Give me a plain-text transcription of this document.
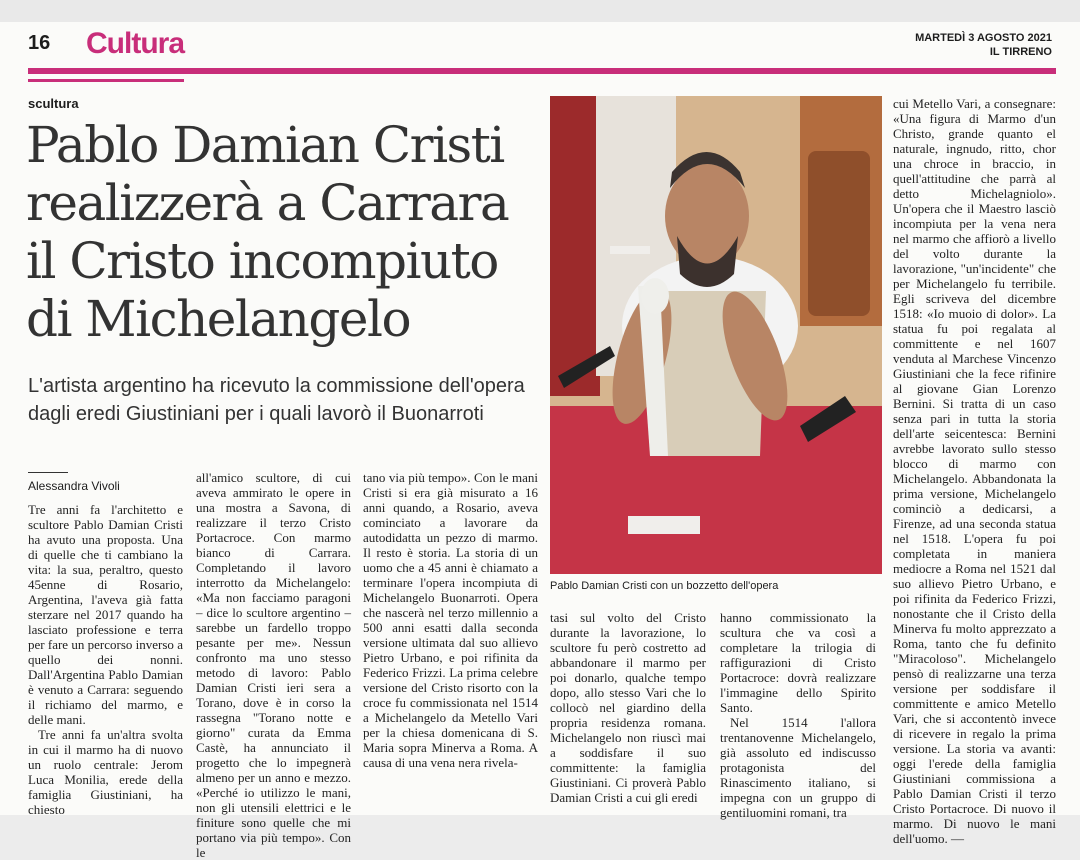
16 Cultura	MARTEDÌ 3 AGOSTO 2021
IL TIRRENO
scultura
Pablo Damian Cristi realizzerà a Carrara il Cristo incompiuto di Michelangelo

L'artista argentino ha ricevuto la commissione dell'opera dagli eredi Giustiniani per i quali lavorò il Buonarroti

Alessandra Vivoli

Tre anni fa l'architetto e scultore Pablo Damian Cristi ha avuto una proposta. Una di quelle che ti cambiano la vita: la sua, peraltro, questo 45enne di Rosario, Argentina, l'aveva già fatta sterzare nel 2017 quando ha lasciato professione e terra per fare un percorso inverso a quello dei nonni. Dall'Argentina Pablo Damian è venuto a Carrara: seguendo il richiamo del marmo, e delle mani.

Tre anni fa un'altra svolta in cui il marmo ha di nuovo un ruolo centrale: Jerom Luca Monilia, erede della famiglia Giustiniani, ha chiesto

all'amico scultore, di cui aveva ammirato le opere in una mostra a Savona, di realizzare il terzo Cristo Portacroce. Con marmo bianco di Carrara. Completando il lavoro interrotto da Michelangelo: «Ma non facciamo paragoni – dice lo scultore argentino – sarebbe un fardello troppo pesante per me». Nessun confronto ma uno stesso metodo di lavoro: Pablo Damian Cristi ieri sera a Torano, dove è in corso la rassegna "Torano notte e giorno" curata da Emma Castè, ha annunciato il progetto che lo impegnerà almeno per un anno e mezzo. «Perché io utilizzo le mani, non gli utensili elettrici e le finiture sono quelle che mi portano via più tempo». Con le

tano via più tempo». Con le mani Cristi si era già misurato a 16 anni quando, a Rosario, aveva cominciato a lavorare da autodidatta un pezzo di marmo. Il resto è storia. La storia di un uomo che a 45 anni è chiamato a terminare l'opera incompiuta di Michelangelo Buonarroti. Opera che nascerà nel terzo millennio a 500 anni esatti dalla seconda versione ultimata dal suo allievo Pietro Urbano, e poi rifinita da Federico Frizzi. La prima celebre versione del Cristo risorto con la croce fu commissionata nel 1514 a Michelangelo da Metello Vari per la chiesa domenicana di S. Maria sopra Minerva a Roma. A causa di una vena nera rivela-

Pablo Damian Cristi con un bozzetto dell'opera

tasi sul volto del Cristo durante la lavorazione, lo scultore fu però costretto ad abbandonare il marmo per poi donarlo, qualche tempo dopo, allo stesso Vari che lo collocò nel giardino della propria residenza romana. Michelangelo non riuscì mai a soddisfare il suo committente: la famiglia Giustiniani. Ci proverà Pablo Damian Cristi a cui gli eredi

hanno commissionato la scultura che va così a completare la trilogia di raffigurazioni di Cristo Portacroce: dovrà realizzare l'immagine dello Spirito Santo.

Nel 1514 l'allora trentanovenne Michelangelo, già assoluto ed indiscusso protagonista del Rinascimento italiano, si impegna con un gruppo di gentiluomini romani, tra

cui Metello Vari, a consegnare: «Una figura di Marmo d'un Christo, grande quanto el naturale, ingnudo, ritto, chor una chroce in braccio, in quell'attitudine che parrà al detto Michelagniolo». Un'opera che il Maestro lasciò incompiuta per la vena nera nel marmo che affiorò a livello del volto durante la lavorazione, "un'incidente" che per Michelangelo fu terribile. Egli scriveva del dicembre 1518: «Io muoio di dolor». La statua fu poi regalata al committente e nel 1607 venduta al Marchese Vincenzo Giustiniani che la fece rifinire al giovane Gian Lorenzo Bernini. Si tratta di un caso senza pari in tutta la storia dell'arte seicentesca: Bernini avrebbe lavorato sullo stesso blocco di marmo con Michelangelo. Abbandonata la prima versione, Michelangelo cominciò a dedicarsi, a Firenze, ad una seconda statua nel 1518. L'opera fu poi completata in maniera mediocre a Roma nel 1521 dal suo allievo Pietro Urbano, e poi rifinita da Federico Frizzi, nonostante che il Cristo della Minerva fu molto apprezzato a Roma, tanto che fu definito "Miracoloso". Michelangelo pensò di realizzarne una terza versione per soddisfare il committente e amico Metello Vari, che si accontentò invece di ricevere in regalo la prima versione. La storia va avanti: oggi l'erede della famiglia Giustiniani commissiona a Pablo Damian Cristi il terzo Cristo Portacroce. Di nuovo il marmo. Di nuovo le mani dell'uomo. —
